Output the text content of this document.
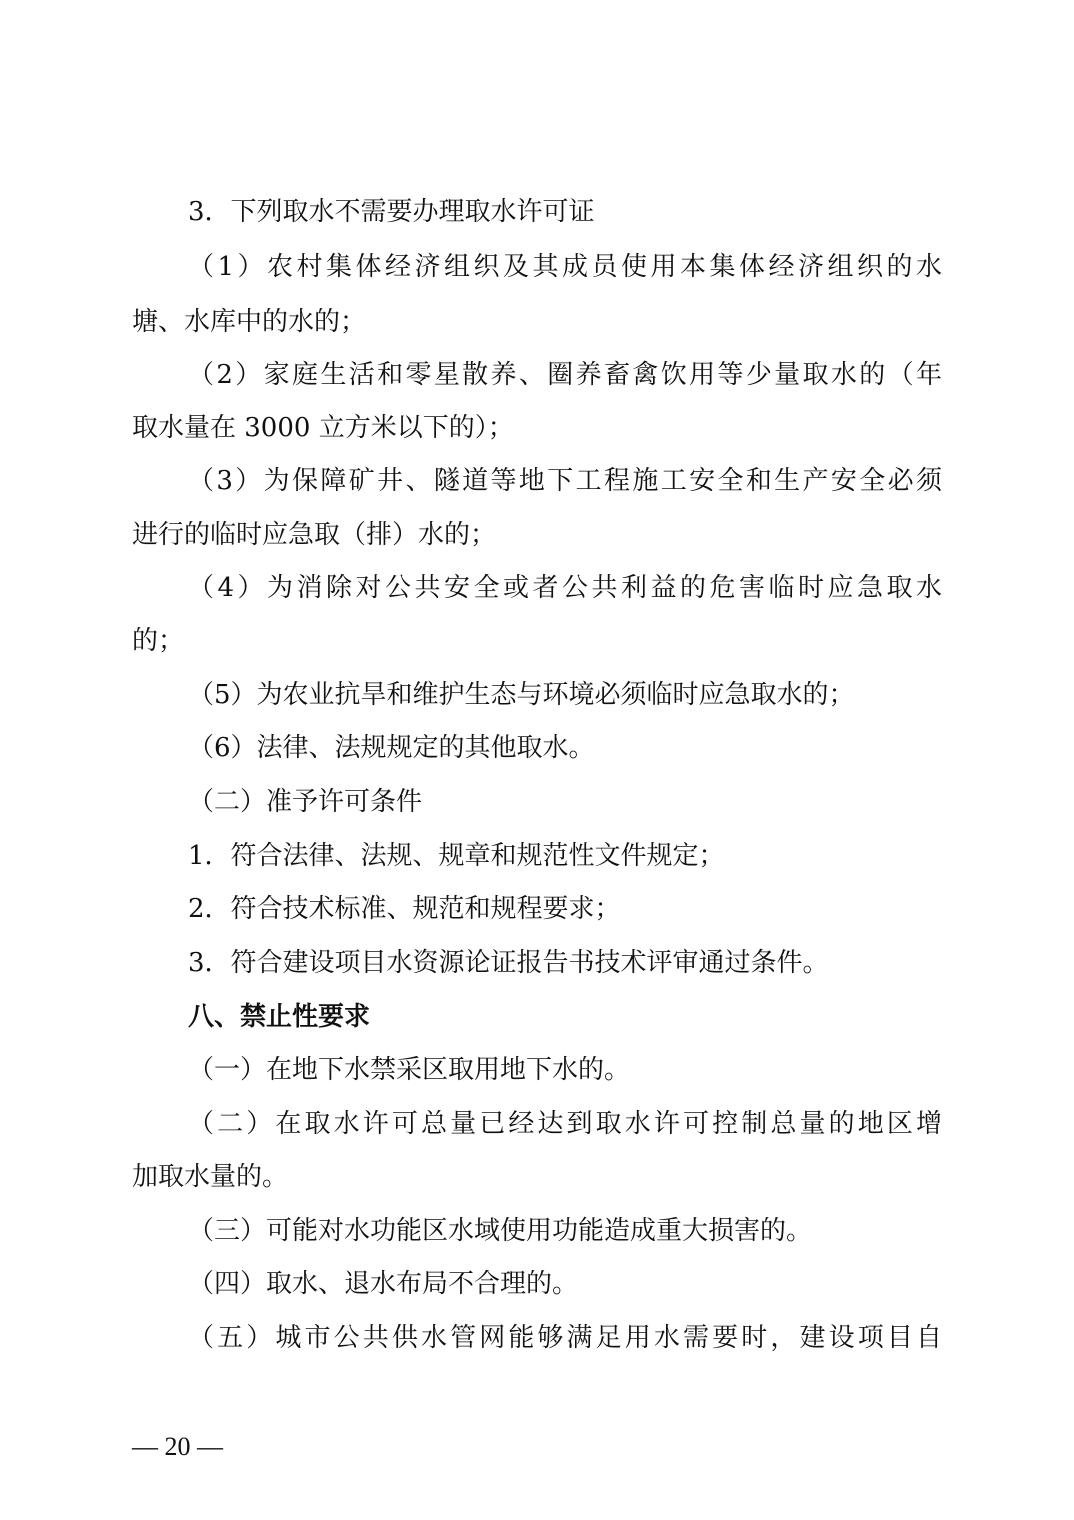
3．下列取水不需要办理取水许可证
（1）农村集体经济组织及其成员使用本集体经济组织的水
塘、水库中的水的；
（2）家庭生活和零星散养、圈养畜禽饮用等少量取水的（年
取水量在 3000 立方米以下的）；
（3）为保障矿井、隧道等地下工程施工安全和生产安全必须
进行的临时应急取（排）水的；
（4）为消除对公共安全或者公共利益的危害临时应急取水
的；
（5）为农业抗旱和维护生态与环境必须临时应急取水的；
（6）法律、法规规定的其他取水。
（二）准予许可条件
1．符合法律、法规、规章和规范性文件规定；
2．符合技术标准、规范和规程要求；
3．符合建设项目水资源论证报告书技术评审通过条件。
八、禁止性要求
（一）在地下水禁采区取用地下水的。
（二）在取水许可总量已经达到取水许可控制总量的地区增
加取水量的。
（三）可能对水功能区水域使用功能造成重大损害的。
（四）取水、退水布局不合理的。
（五）城市公共供水管网能够满足用水需要时，建设项目自
— 20 —
